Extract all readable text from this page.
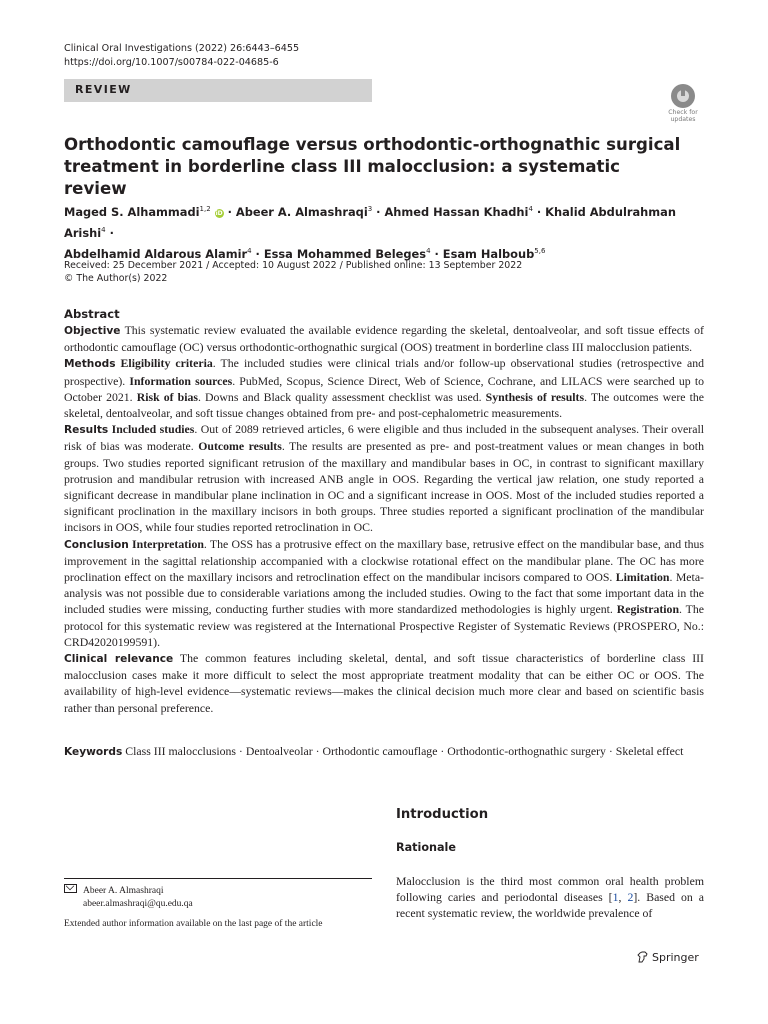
Clinical Oral Investigations (2022) 26:6443–6455
https://doi.org/10.1007/s00784-022-04685-6
REVIEW
Check for
updates
Orthodontic camouflage versus orthodontic-orthognathic surgical
treatment in borderline class III malocclusion: a systematic review
Maged S. Alhammadi$^{1,2}$ iD · Abeer A. Almashraqi$^3$ · Ahmed Hassan Khadhi$^4$ · Khalid Abdulrahman Arishi$^4$ ·
Abdelhamid Aldarous Alamir$^4$ · Essa Mohammed Beleges$^4$ · Esam Halboub$^{5,6}$
Received: 25 December 2021 / Accepted: 10 August 2022 / Published online: 13 September 2022
© The Author(s) 2022
Abstract
Objective This systematic review evaluated the available evidence regarding the skeletal, dentoalveolar, and soft tissue effects of orthodontic camouflage (OC) versus orthodontic-orthognathic surgical (OOS) treatment in borderline class III malocclusion patients.
Methods Eligibility criteria. The included studies were clinical trials and/or follow-up observational studies (retrospective and prospective). Information sources. PubMed, Scopus, Science Direct, Web of Science, Cochrane, and LILACS were searched up to October 2021. Risk of bias. Downs and Black quality assessment checklist was used. Synthesis of results. The outcomes were the skeletal, dentoalveolar, and soft tissue changes obtained from pre- and post-cephalometric measurements.
Results Included studies. Out of 2089 retrieved articles, 6 were eligible and thus included in the subsequent analyses. Their overall risk of bias was moderate. Outcome results. The results are presented as pre- and post-treatment values or mean changes in both groups. Two studies reported significant retrusion of the maxillary and mandibular bases in OC, in contrast to significant maxillary protrusion and mandibular retrusion with increased ANB angle in OOS. Regarding the vertical jaw relation, one study reported a significant decrease in mandibular plane inclination in OC and a significant increase in OOS. Most of the included studies reported a significant proclination in the maxillary incisors in both groups. Three studies reported a significant proclination of the mandibular incisors in OOS, while four studies reported retroclination in OC.
Conclusion Interpretation. The OSS has a protrusive effect on the maxillary base, retrusive effect on the mandibular base, and thus improvement in the sagittal relationship accompanied with a clockwise rotational effect on the mandibular plane. The OC has more proclination effect on the maxillary incisors and retroclination effect on the mandibular incisors compared to OOS. Limitation. Meta-analysis was not possible due to considerable variations among the included studies. Owing to the fact that some important data in the included studies were missing, conducting further studies with more standardized methodologies is highly urgent. Registration. The protocol for this systematic review was registered at the International Prospective Register of Systematic Reviews (PROSPERO, No.: CRD42020199591).
Clinical relevance The common features including skeletal, dental, and soft tissue characteristics of borderline class III malocclusion cases make it more difficult to select the most appropriate treatment modality that can be either OC or OOS. The availability of high-level evidence—systematic reviews—makes the clinical decision much more clear and based on scientific basis rather than personal preference.
Keywords Class III malocclusions · Dentoalveolar · Orthodontic camouflage · Orthodontic-orthognathic surgery · Skeletal effect
Introduction
Rationale
Malocclusion is the third most common oral health problem following caries and periodontal diseases [1, 2]. Based on a recent systematic review, the worldwide prevalence of
Abeer A. Almashraqi
abeer.almashraqi@qu.edu.qa
Extended author information available on the last page of the article
Springer
